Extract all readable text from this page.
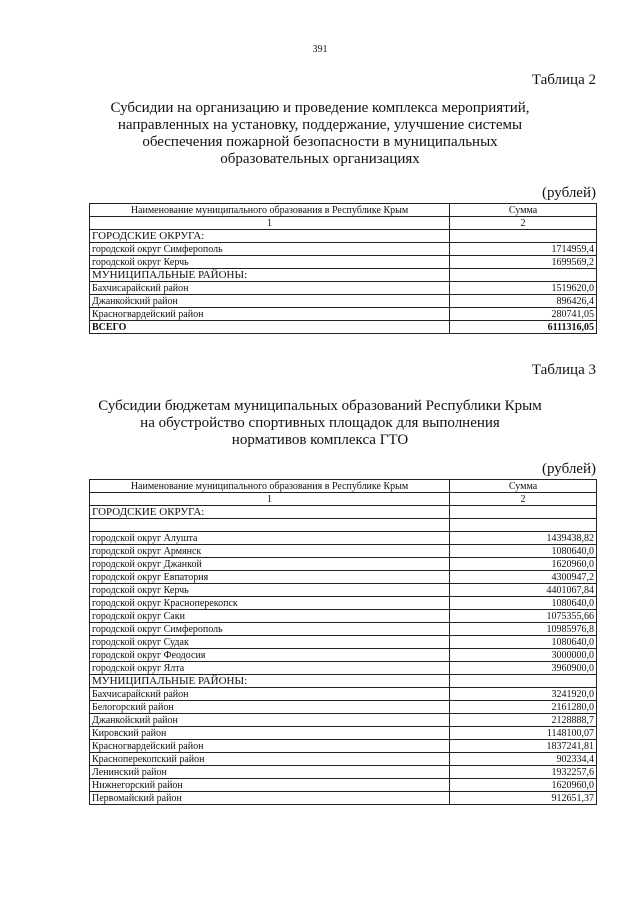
391
Таблица 2
Субсидии на организацию и проведение комплекса мероприятий,
направленных на установку, поддержание, улучшение системы
обеспечения пожарной безопасности в муниципальных
образовательных организациях
(рублей)
Наименование муниципального образования в Республике Крым	Сумма
1	2
ГОРОДСКИЕ ОКРУГА:	
городской округ Симферополь	1714959,4
городской округ Керчь	1699569,2
МУНИЦИПАЛЬНЫЕ РАЙОНЫ:	
Бахчисарайский район	1519620,0
Джанкойский район	896426,4
Красногвардейский район	280741,05
ВСЕГО	6111316,05
Таблица 3
Субсидии бюджетам муниципальных образований Республики Крым
на обустройство спортивных площадок для выполнения
нормативов комплекса ГТО
(рублей)
Наименование муниципального образования в Республике Крым	Сумма
1	2
ГОРОДСКИЕ ОКРУГА:	

городской округ Алушта	1439438,82
городской округ Армянск	1080640,0
городской округ Джанкой	1620960,0
городской округ Евпатория	4300947,2
городской округ Керчь	4401067,84
городской округ Красноперекопск	1080640,0
городской округ Саки	1075355,66
городской округ Симферополь	10985976,8
городской округ Судак	1080640,0
городской округ Феодосия	3000000,0
городской округ Ялта	3960900,0
МУНИЦИПАЛЬНЫЕ РАЙОНЫ:	
Бахчисарайский район	3241920,0
Белогорский район	2161280,0
Джанкойский район	2128888,7
Кировский район	1148100,07
Красногвардейский район	1837241,81
Красноперекопский район	902334,4
Ленинский район	1932257,6
Нижнегорский район	1620960,0
Первомайский район	912651,37
